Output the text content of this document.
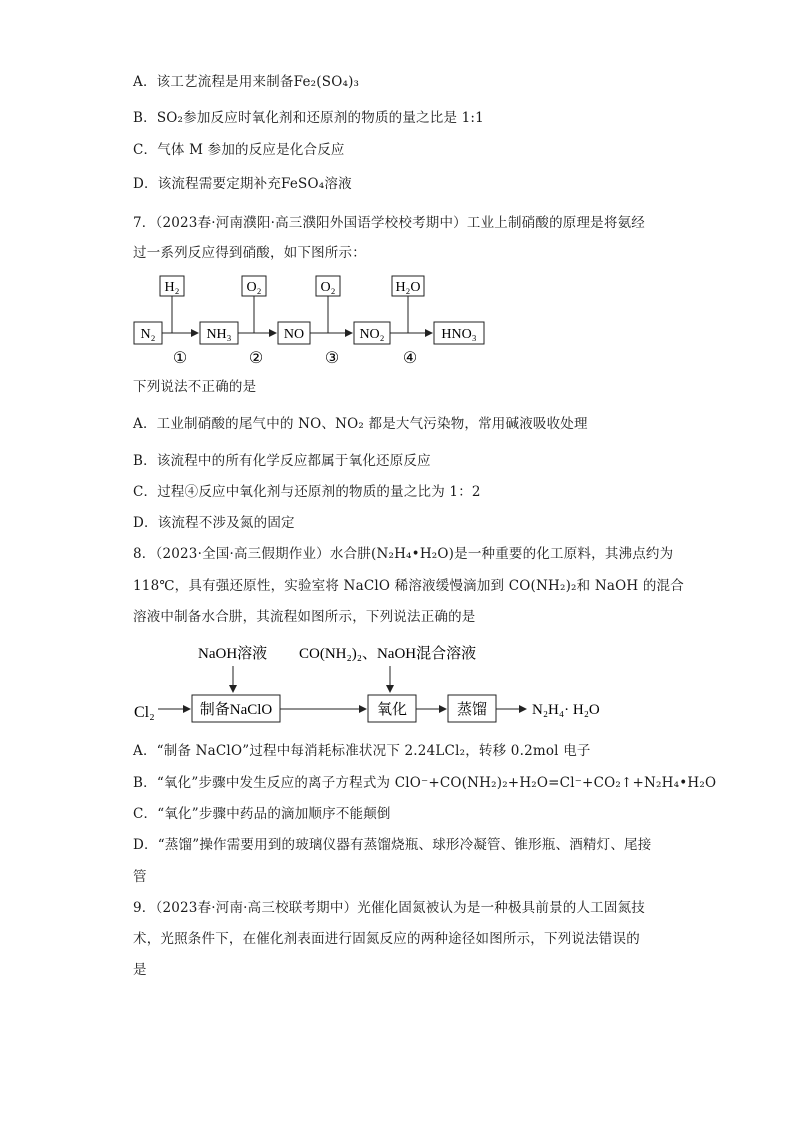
A．该工艺流程是用来制备Fe₂(SO₄)₃
B．SO₂参加反应时氧化剂和还原剂的物质的量之比是 1:1
C．气体 M 参加的反应是化合反应
D．该流程需要定期补充FeSO₄溶液
7．（2023春·河南濮阳·高三濮阳外国语学校校考期中）工业上制硝酸的原理是将氨经
过一系列反应得到硝酸，如下图所示：
N₂	NH₃	NO	NO₂	HNO₃
H₂	O₂	O₂	H₂O
①	②	③	④
下列说法不正确的是
A．工业制硝酸的尾气中的 NO、NO₂ 都是大气污染物，常用碱液吸收处理
B．该流程中的所有化学反应都属于氧化还原反应
C．过程④反应中氧化剂与还原剂的物质的量之比为 1：2
D．该流程不涉及氮的固定
8．（2023·全国·高三假期作业）水合肼(N₂H₄•H₂O)是一种重要的化工原料，其沸点约为
118℃，具有强还原性，实验室将 NaClO 稀溶液缓慢滴加到 CO(NH₂)₂和 NaOH 的混合
溶液中制备水合肼，其流程如图所示，下列说法正确的是
NaOH溶液 CO(NH₂)₂、NaOH混合溶液
Cl₂	制备NaClO	氧化	蒸馏	N₂H₄· H₂O
A．“制备 NaClO”过程中每消耗标准状况下 2.24LCl₂，转移 0.2mol 电子
B．“氧化”步骤中发生反应的离子方程式为 ClO⁻+CO(NH₂)₂+H₂O=Cl⁻+CO₂↑+N₂H₄•H₂O
C．“氧化”步骤中药品的滴加顺序不能颠倒
D．“蒸馏”操作需要用到的玻璃仪器有蒸馏烧瓶、球形冷凝管、锥形瓶、酒精灯、尾接
管
9．（2023春·河南·高三校联考期中）光催化固氮被认为是一种极具前景的人工固氮技
术，光照条件下，在催化剂表面进行固氮反应的两种途径如图所示，下列说法错误的
是
